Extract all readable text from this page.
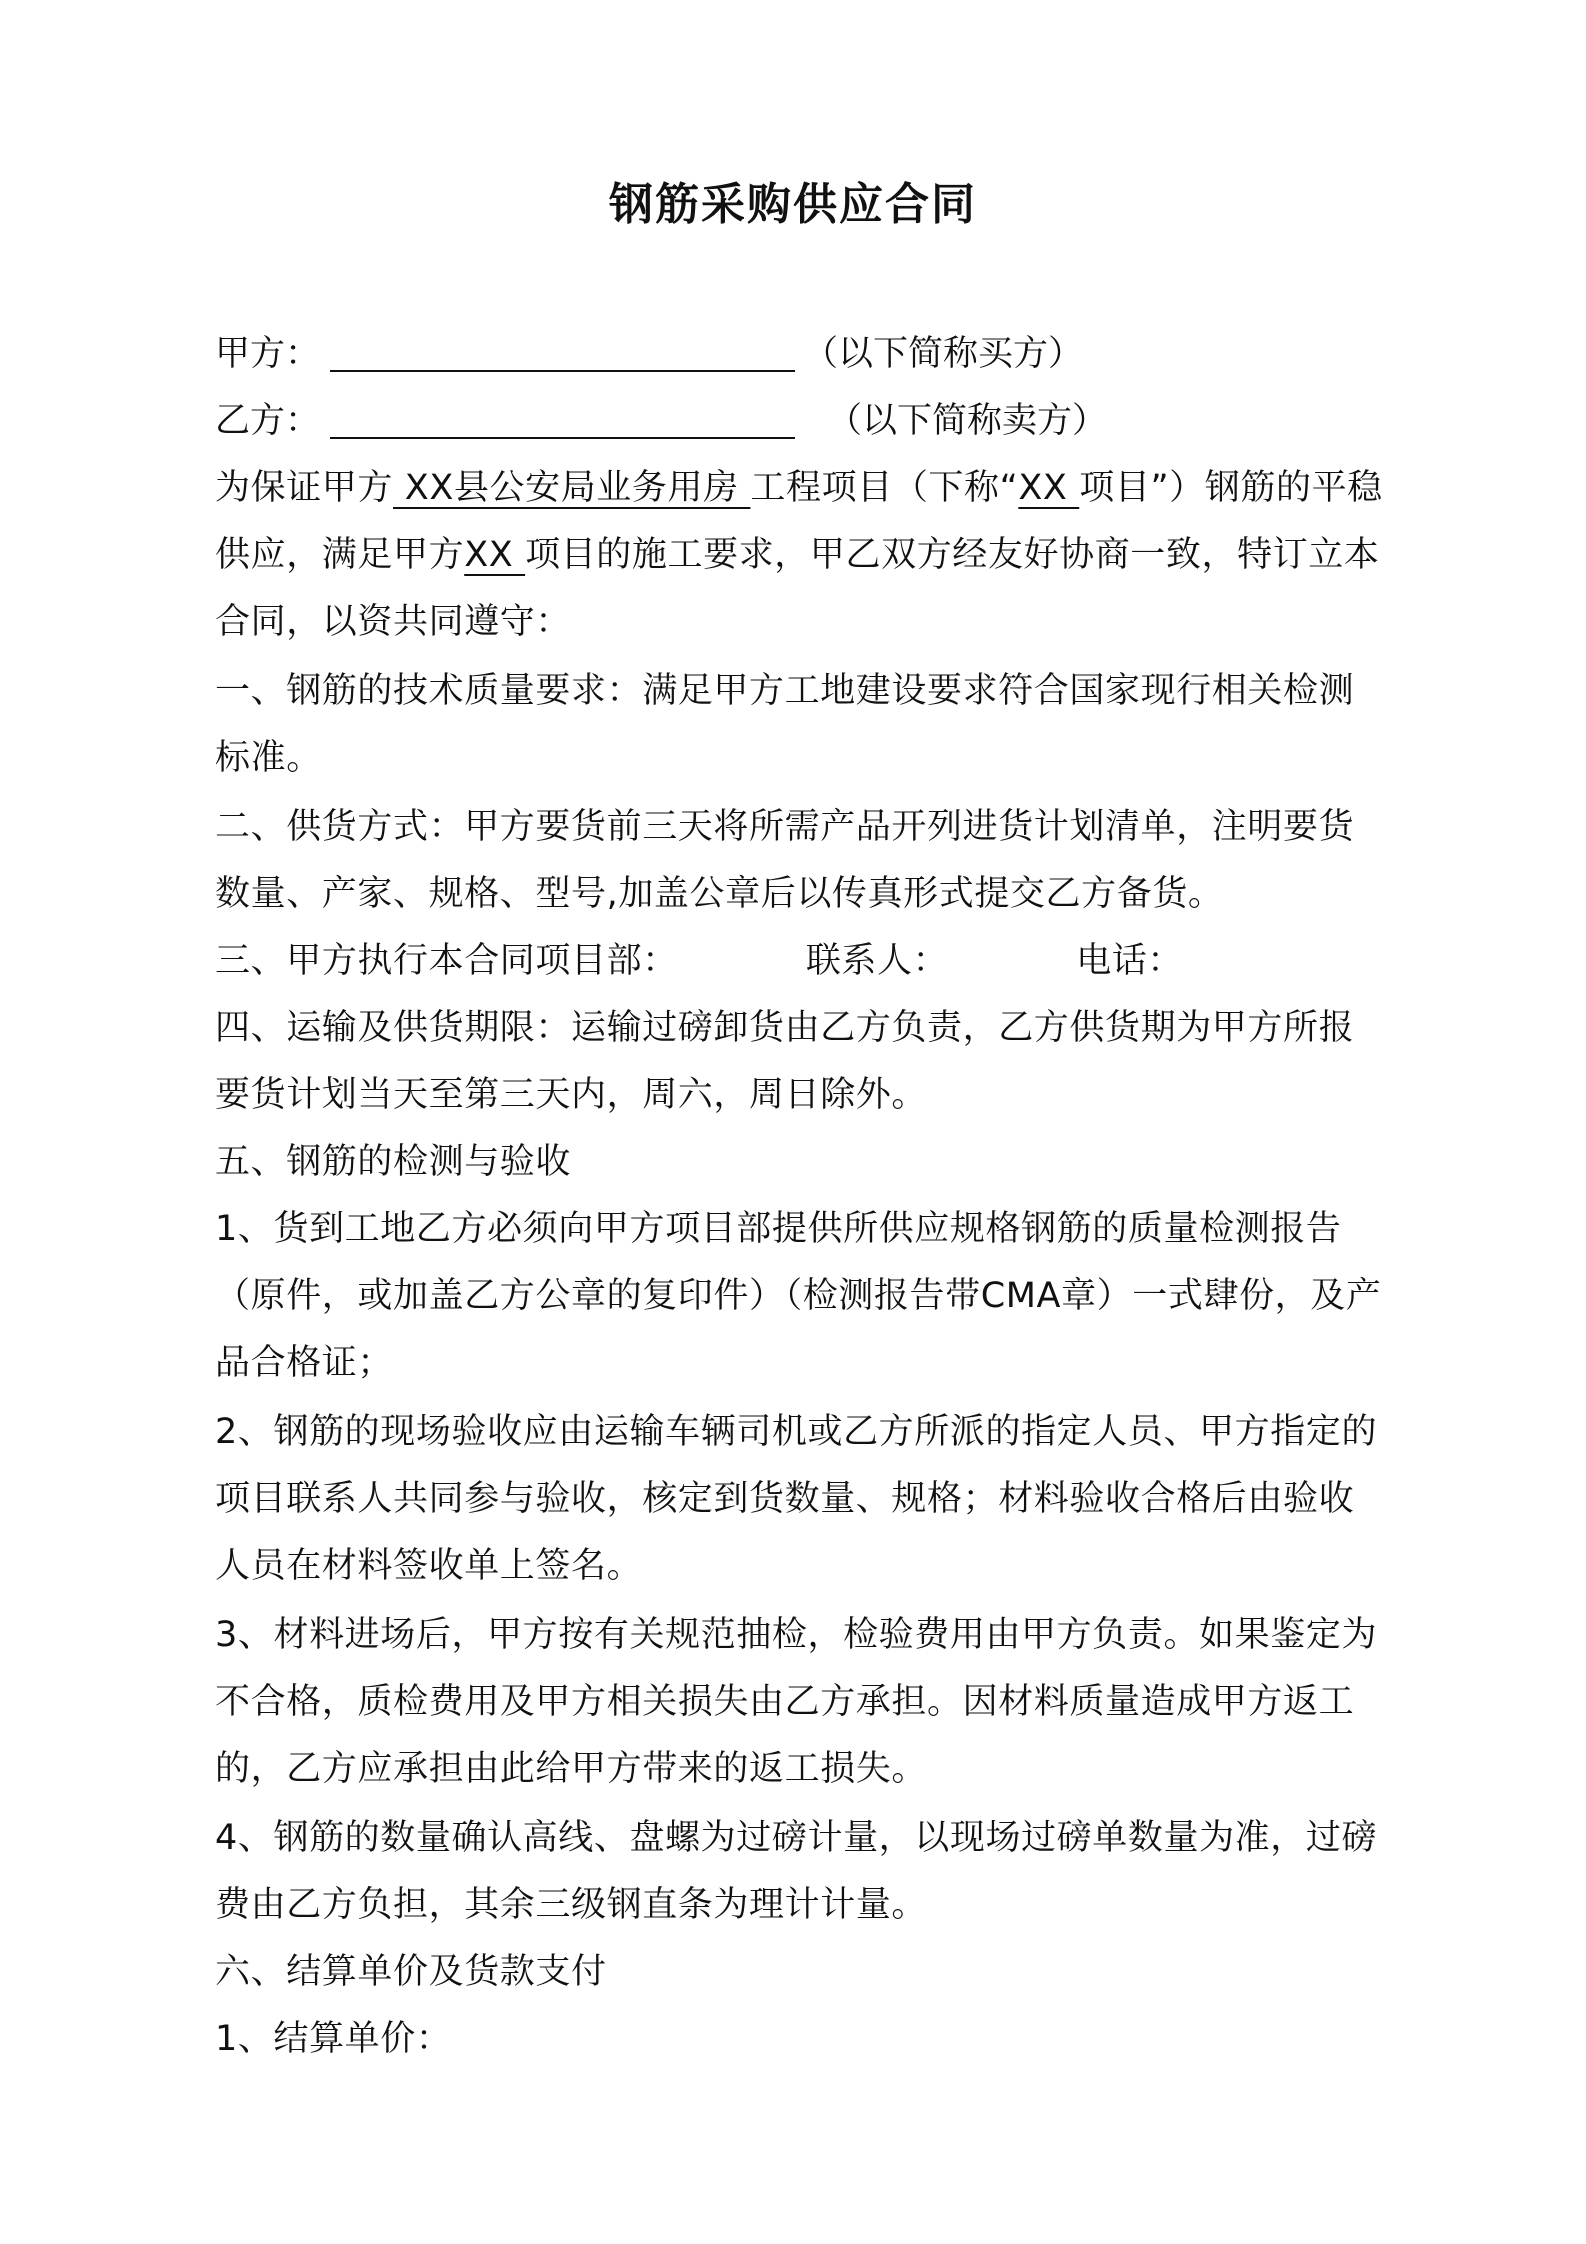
钢筋采购供应合同
甲方：	（以下简称买方）
乙方：	（以下简称卖方）

为保证甲方 XX县公安局业务用房 工程项目（下称“XX 项目”）钢筋的平稳供应，满足甲方XX 项目的施工要求，甲乙双方经友好协商一致，特订立本合同，以资共同遵守：

一、钢筋的技术质量要求：满足甲方工地建设要求符合国家现行相关检测标准。

二、供货方式：甲方要货前三天将所需产品开列进货计划清单，注明要货数量、产家、规格、型号,加盖公章后以传真形式提交乙方备货。

三、甲方执行本合同项目部：	联系人：	电话：

四、运输及供货期限：运输过磅卸货由乙方负责，乙方供货期为甲方所报要货计划当天至第三天内，周六，周日除外。

五、钢筋的检测与验收

1、货到工地乙方必须向甲方项目部提供所供应规格钢筋的质量检测报告（原件，或加盖乙方公章的复印件）（检测报告带CMA章）一式肆份，及产品合格证；

2、钢筋的现场验收应由运输车辆司机或乙方所派的指定人员、甲方指定的项目联系人共同参与验收，核定到货数量、规格；材料验收合格后由验收人员在材料签收单上签名。

3、材料进场后，甲方按有关规范抽检，检验费用由甲方负责。如果鉴定为不合格，质检费用及甲方相关损失由乙方承担。因材料质量造成甲方返工的，乙方应承担由此给甲方带来的返工损失。

4、钢筋的数量确认高线、盘螺为过磅计量，以现场过磅单数量为准，过磅费由乙方负担，其余三级钢直条为理计计量。

六、结算单价及货款支付

1、结算单价：
